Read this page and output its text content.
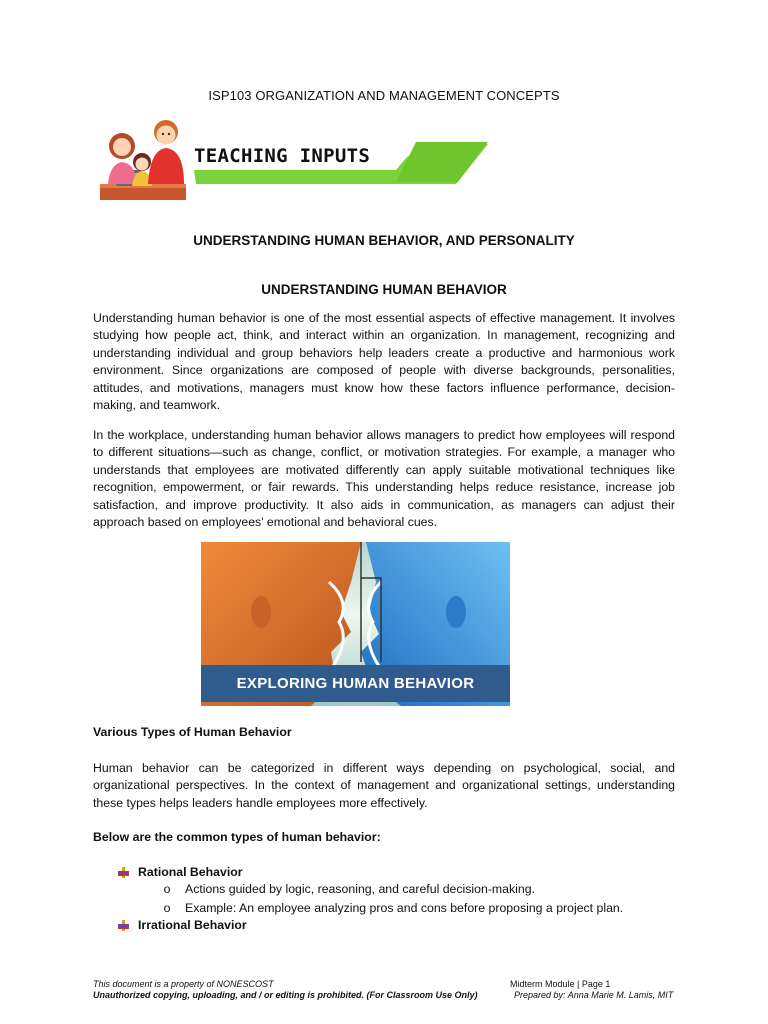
ISP103 ORGANIZATION AND MANAGEMENT CONCEPTS
TEACHING INPUTS
UNDERSTANDING HUMAN BEHAVIOR, AND PERSONALITY
UNDERSTANDING HUMAN BEHAVIOR

Understanding human behavior is one of the most essential aspects of effective management. It involves studying how people act, think, and interact within an organization. In management, recognizing and understanding individual and group behaviors help leaders create a productive and harmonious work environment. Since organizations are composed of people with diverse backgrounds, personalities, attitudes, and motivations, managers must know how these factors influence performance, decision-making, and teamwork.

In the workplace, understanding human behavior allows managers to predict how employees will respond to different situations—such as change, conflict, or motivation strategies. For example, a manager who understands that employees are motivated differently can apply suitable motivational techniques like recognition, empowerment, or fair rewards. This understanding helps reduce resistance, increase job satisfaction, and improve productivity. It also aids in communication, as managers can adjust their approach based on employees’ emotional and behavioral cues.

EXPLORING HUMAN BEHAVIOR
Various Types of Human Behavior

Human behavior can be categorized in different ways depending on psychological, social, and organizational perspectives. In the context of management and organizational settings, understanding these types helps leaders handle employees more effectively.

Below are the common types of human behavior:
Rational Behavior
o Actions guided by logic, reasoning, and careful decision-making.
o Example: An employee analyzing pros and cons before proposing a project plan.
Irrational Behavior
This document is a property of NONESCOST
Unauthorized copying, uploading, and / or editing is prohibited. (For Classroom Use Only)
Midterm Module | Page 1
Prepared by: Anna Marie M. Lamis, MIT
